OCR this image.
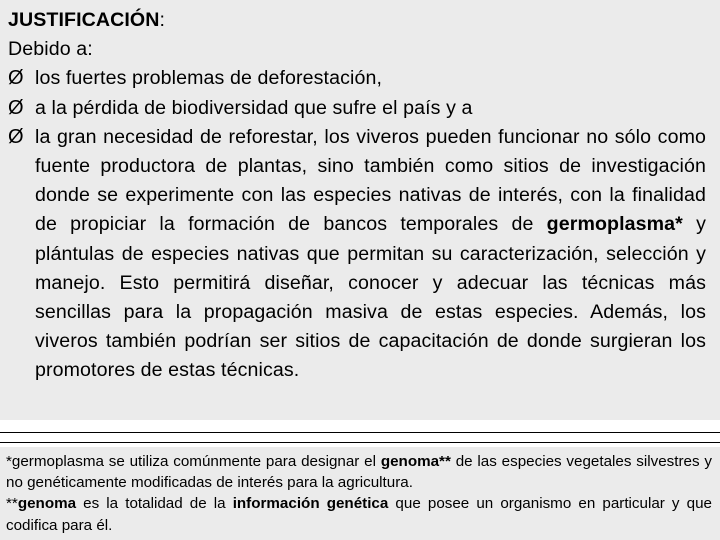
JUSTIFICACIÓN:
Debido a:
Ø los fuertes problemas de deforestación,
Ø a la pérdida de biodiversidad que sufre el país y a
Ø la gran necesidad de reforestar, los viveros pueden funcionar no sólo como fuente productora de plantas, sino también como sitios de investigación donde se experimente con las especies nativas de interés, con la finalidad de propiciar la formación de bancos temporales de germoplasma* y plántulas de especies nativas que permitan su caracterización, selección y manejo. Esto permitirá diseñar, conocer y adecuar las técnicas más sencillas para la propagación masiva de estas especies. Además, los viveros también podrían ser sitios de capacitación de donde surgieran los promotores de estas técnicas.

*germoplasma se utiliza comúnmente para designar el genoma** de las especies vegetales silvestres y no genéticamente modificadas de interés para la agricultura.

**genoma es la totalidad de la información genética que posee un organismo en particular y que codifica para él.
